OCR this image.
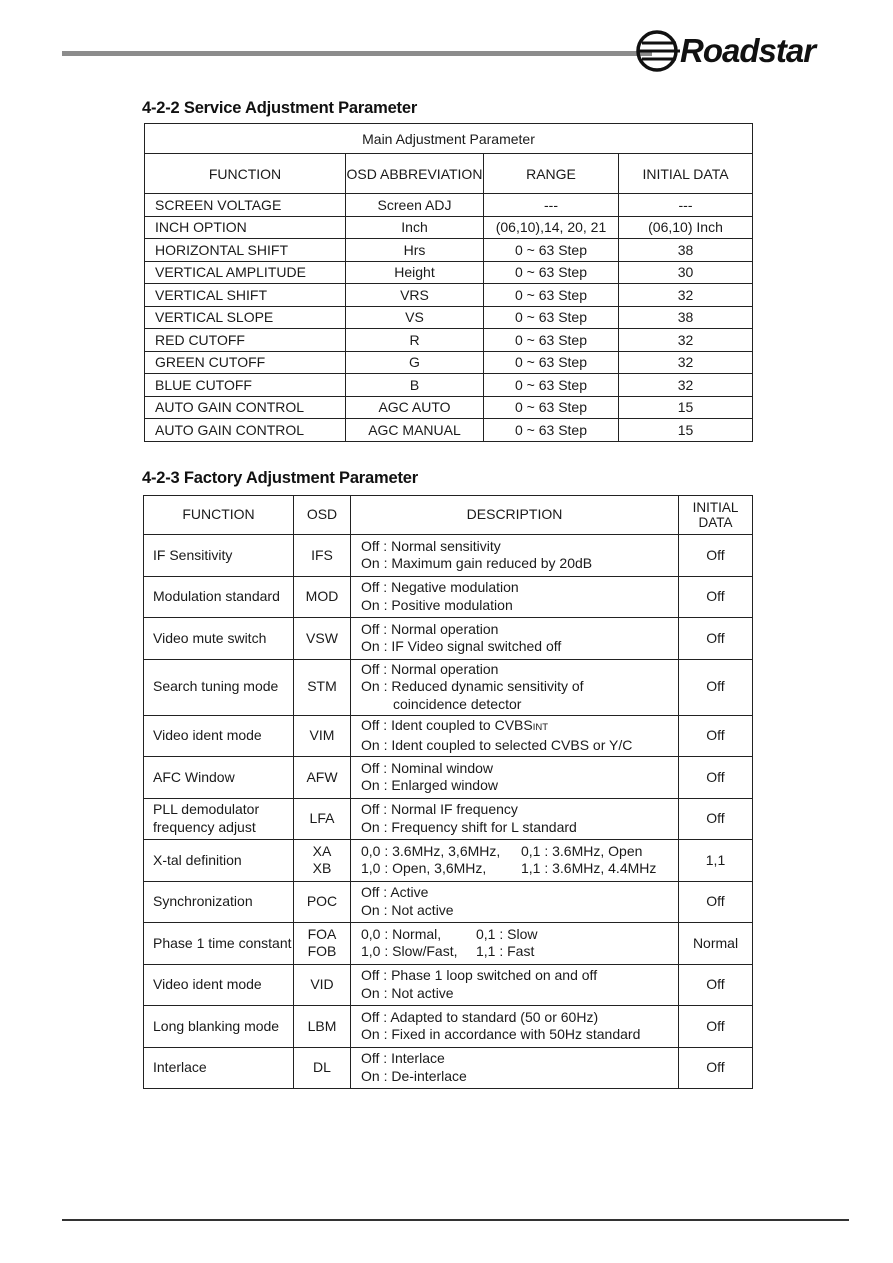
Roadstar
4-2-2 Service Adjustment Parameter
Main Adjustment Parameter			
FUNCTION	OSD ABBREVIATION	RANGE	INITIAL DATA
SCREEN VOLTAGE	Screen ADJ	---	---
INCH OPTION	Inch	(06,10),14, 20, 21	(06,10) Inch
HORIZONTAL SHIFT	Hrs	0 ~ 63 Step	38
VERTICAL AMPLITUDE	Height	0 ~ 63 Step	30
VERTICAL SHIFT	VRS	0 ~ 63 Step	32
VERTICAL SLOPE	VS	0 ~ 63 Step	38
RED CUTOFF	R	0 ~ 63 Step	32
GREEN CUTOFF	G	0 ~ 63 Step	32
BLUE CUTOFF	B	0 ~ 63 Step	32
AUTO GAIN CONTROL	AGC AUTO	0 ~ 63 Step	15
AUTO GAIN CONTROL	AGC MANUAL	0 ~ 63 Step	15
4-2-3 Factory Adjustment Parameter
FUNCTION	OSD	DESCRIPTION	INITIAL DATA

IF Sensitivity	IFS	Off : Normal sensitivity
On : Maximum gain reduced by 20dB	Off

Modulation standard	MOD	Off : Negative modulation
On : Positive modulation	Off

Video mute switch	VSW	Off : Normal operation
On : IF Video signal switched off	Off

Search tuning mode	STM	Off : Normal operation
On : Reduced dynamic sensitivity of
coincidence detector	Off

Video ident mode	VIM	Off : Ident coupled to CVBSINT
On : Ident coupled to selected CVBS or Y/C	Off

AFC Window	AFW	Off : Nominal window
On : Enlarged window	Off

PLL demodulator
frequency adjust	LFA	Off : Normal IF frequency
On : Frequency shift for L standard	Off

X-tal definition	XA
XB	0,0 : 3.6MHz, 3,6MHz, 0,1 : 3.6MHz, Open
1,0 : Open, 3,6MHz, 1,1 : 3.6MHz, 4.4MHz	1,1

Synchronization	POC	Off : Active
On : Not active	Off

Phase 1 time constant	FOA
FOB	0,0 : Normal, 0,1 : Slow
1,0 : Slow/Fast, 1,1 : Fast	Normal

Video ident mode	VID	Off : Phase 1 loop switched on and off
On : Not active	Off

Long blanking mode	LBM	Off : Adapted to standard (50 or 60Hz)
On : Fixed in accordance with 50Hz standard	Off

Interlace	DL	Off : Interlace
On : De-interlace	Off
